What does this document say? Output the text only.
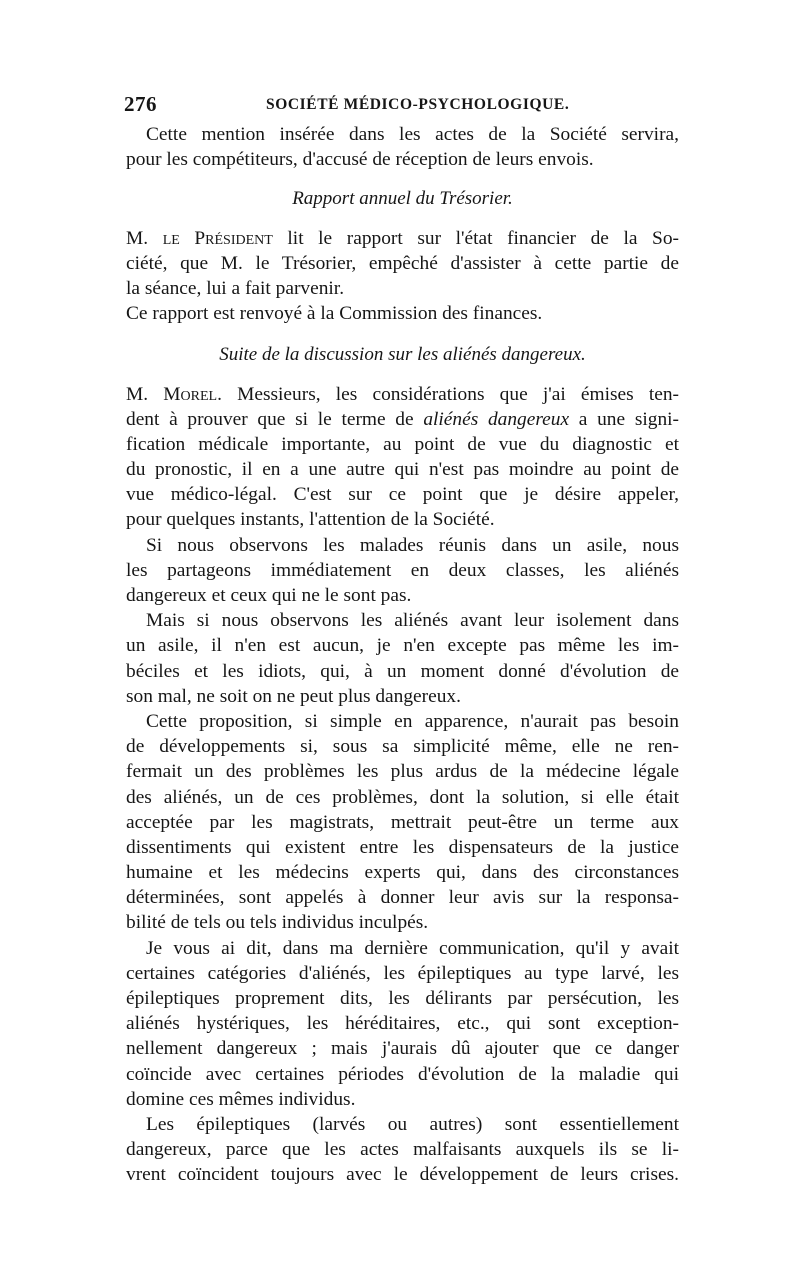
276	SOCIÉTÉ MÉDICO-PSYCHOLOGIQUE.
Cette mention insérée dans les actes de la Société servira,
pour les compétiteurs, d'accusé de réception de leurs envois.
Rapport annuel du Trésorier.
M. le Président lit le rapport sur l'état financier de la So-
ciété, que M. le Trésorier, empêché d'assister à cette partie de
la séance, lui a fait parvenir.
Ce rapport est renvoyé à la Commission des finances.
Suite de la discussion sur les aliénés dangereux.
M. Morel. Messieurs, les considérations que j'ai émises ten-
dent à prouver que si le terme de aliénés dangereux a une signi-
fication médicale importante, au point de vue du diagnostic et
du pronostic, il en a une autre qui n'est pas moindre au point de
vue médico-légal. C'est sur ce point que je désire appeler,
pour quelques instants, l'attention de la Société.
Si nous observons les malades réunis dans un asile, nous
les partageons immédiatement en deux classes, les aliénés
dangereux et ceux qui ne le sont pas.
Mais si nous observons les aliénés avant leur isolement dans
un asile, il n'en est aucun, je n'en excepte pas même les im-
béciles et les idiots, qui, à un moment donné d'évolution de
son mal, ne soit on ne peut plus dangereux.
Cette proposition, si simple en apparence, n'aurait pas besoin
de développements si, sous sa simplicité même, elle ne ren-
fermait un des problèmes les plus ardus de la médecine légale
des aliénés, un de ces problèmes, dont la solution, si elle était
acceptée par les magistrats, mettrait peut-être un terme aux
dissentiments qui existent entre les dispensateurs de la justice
humaine et les médecins experts qui, dans des circonstances
déterminées, sont appelés à donner leur avis sur la responsa-
bilité de tels ou tels individus inculpés.
Je vous ai dit, dans ma dernière communication, qu'il y avait
certaines catégories d'aliénés, les épileptiques au type larvé, les
épileptiques proprement dits, les délirants par persécution, les
aliénés hystériques, les héréditaires, etc., qui sont exception-
nellement dangereux ; mais j'aurais dû ajouter que ce danger
coïncide avec certaines périodes d'évolution de la maladie qui
domine ces mêmes individus.
Les épileptiques (larvés ou autres) sont essentiellement
dangereux, parce que les actes malfaisants auxquels ils se li-
vrent coïncident toujours avec le développement de leurs crises.
